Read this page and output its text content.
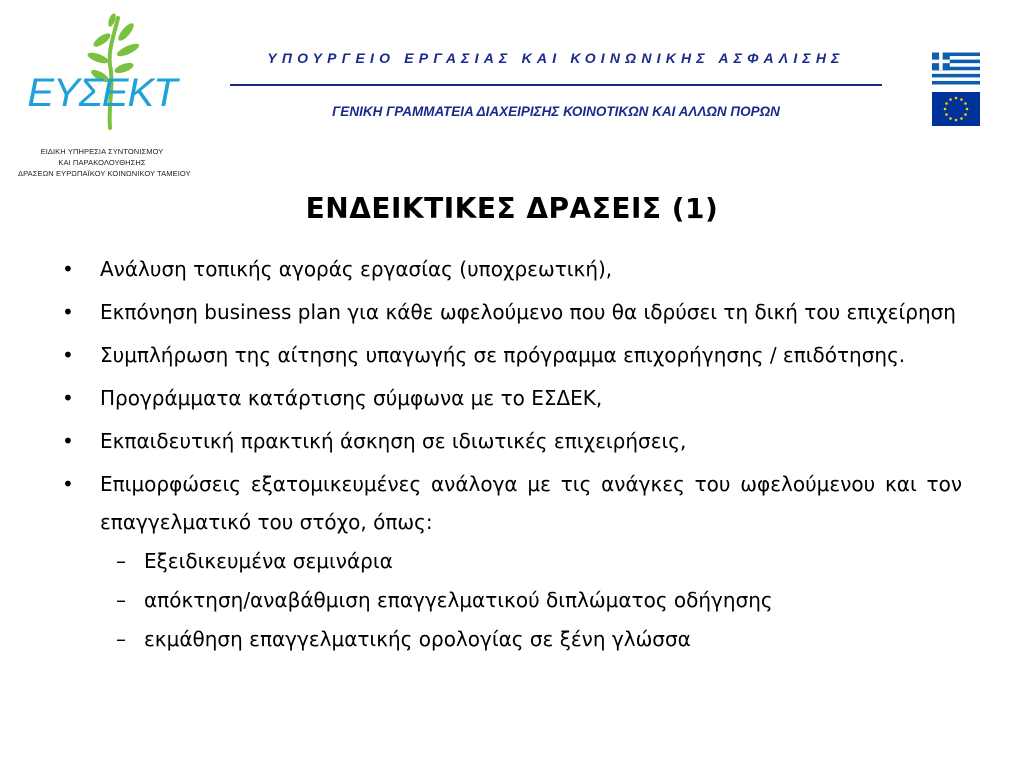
ΕΥΣΕΚΤ
ΕΙΔΙΚΗ ΥΠΗΡΕΣΙΑ ΣΥΝΤΟΝΙΣΜΟΥ
ΚΑΙ ΠΑΡΑΚΟΛΟΥΘΗΣΗΣ
ΔΡΑΣΕΩΝ ΕΥΡΩΠΑΪΚΟΥ ΚΟΙΝΩΝΙΚΟΥ ΤΑΜΕΙΟΥ
ΥΠΟΥΡΓΕΙΟ ΕΡΓΑΣΙΑΣ ΚΑΙ ΚΟΙΝΩΝΙΚΗΣ ΑΣΦΑΛΙΣΗΣ
ΓΕΝΙΚΗ ΓΡΑΜΜΑΤΕΙΑ ΔΙΑΧΕΙΡΙΣΗΣ ΚΟΙΝΟΤΙΚΩΝ ΚΑΙ ΑΛΛΩΝ ΠΟΡΩΝ
ΕΝΔΕΙΚΤΙΚΕΣ ΔΡΑΣΕΙΣ (1)
• Ανάλυση τοπικής αγοράς εργασίας (υποχρεωτική),
• Εκπόνηση business plan για κάθε ωφελούμενο που θα ιδρύσει τη δική του επιχείρηση
• Συμπλήρωση της αίτησης υπαγωγής σε πρόγραμμα επιχορήγησης / επιδότησης.
• Προγράμματα κατάρτισης σύμφωνα με το ΕΣΔΕΚ,
• Εκπαιδευτική πρακτική άσκηση σε ιδιωτικές επιχειρήσεις,
• Επιμορφώσεις εξατομικευμένες ανάλογα με τις ανάγκες του ωφελούμενου και τον επαγγελματικό του στόχο, όπως:
– Εξειδικευμένα σεμινάρια
– απόκτηση/αναβάθμιση επαγγελματικού διπλώματος οδήγησης
– εκμάθηση επαγγελματικής ορολογίας σε ξένη γλώσσα
